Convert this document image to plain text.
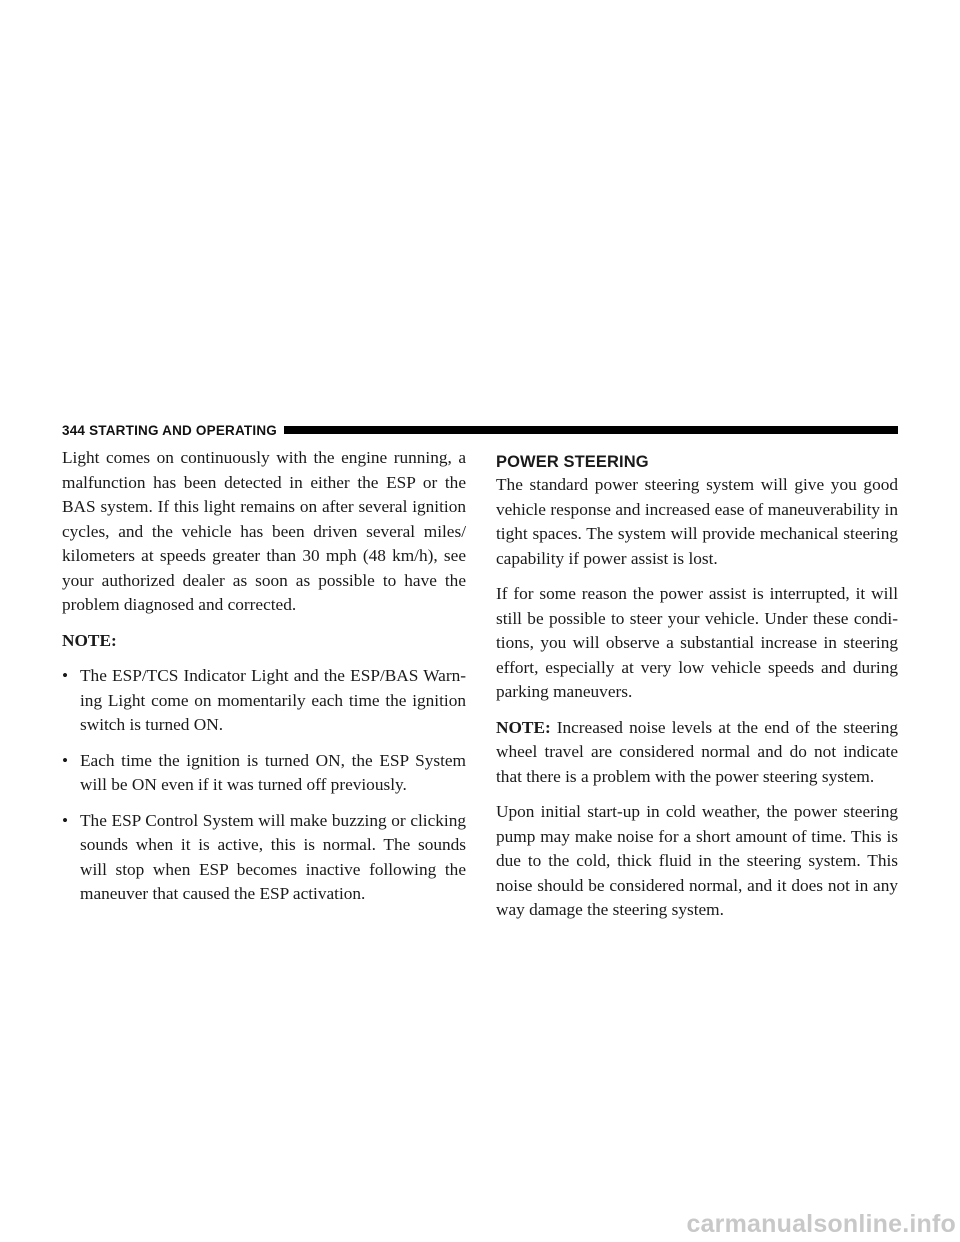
344 STARTING AND OPERATING

Light comes on continuously with the engine running, a malfunction has been detected in either the ESP or the BAS system. If this light remains on after several ignition cycles, and the vehicle has been driven several miles/ kilometers at speeds greater than 30 mph (48 km/h), see your authorized dealer as soon as possible to have the problem diagnosed and corrected.

NOTE:

• The ESP/TCS Indicator Light and the ESP/BAS Warn-ing Light come on momentarily each time the ignition switch is turned ON.
• Each time the ignition is turned ON, the ESP System will be ON even if it was turned off previously.
• The ESP Control System will make buzzing or clicking sounds when it is active, this is normal. The sounds will stop when ESP becomes inactive following the maneuver that caused the ESP activation.
POWER STEERING

The standard power steering system will give you good vehicle response and increased ease of maneuverability in tight spaces. The system will provide mechanical steering capability if power assist is lost.

If for some reason the power assist is interrupted, it will still be possible to steer your vehicle. Under these condi-tions, you will observe a substantial increase in steering effort, especially at very low vehicle speeds and during parking maneuvers.

NOTE: Increased noise levels at the end of the steering wheel travel are considered normal and do not indicate that there is a problem with the power steering system.

Upon initial start-up in cold weather, the power steering pump may make noise for a short amount of time. This is due to the cold, thick fluid in the steering system. This noise should be considered normal, and it does not in any way damage the steering system.

carmanualsonline.info
